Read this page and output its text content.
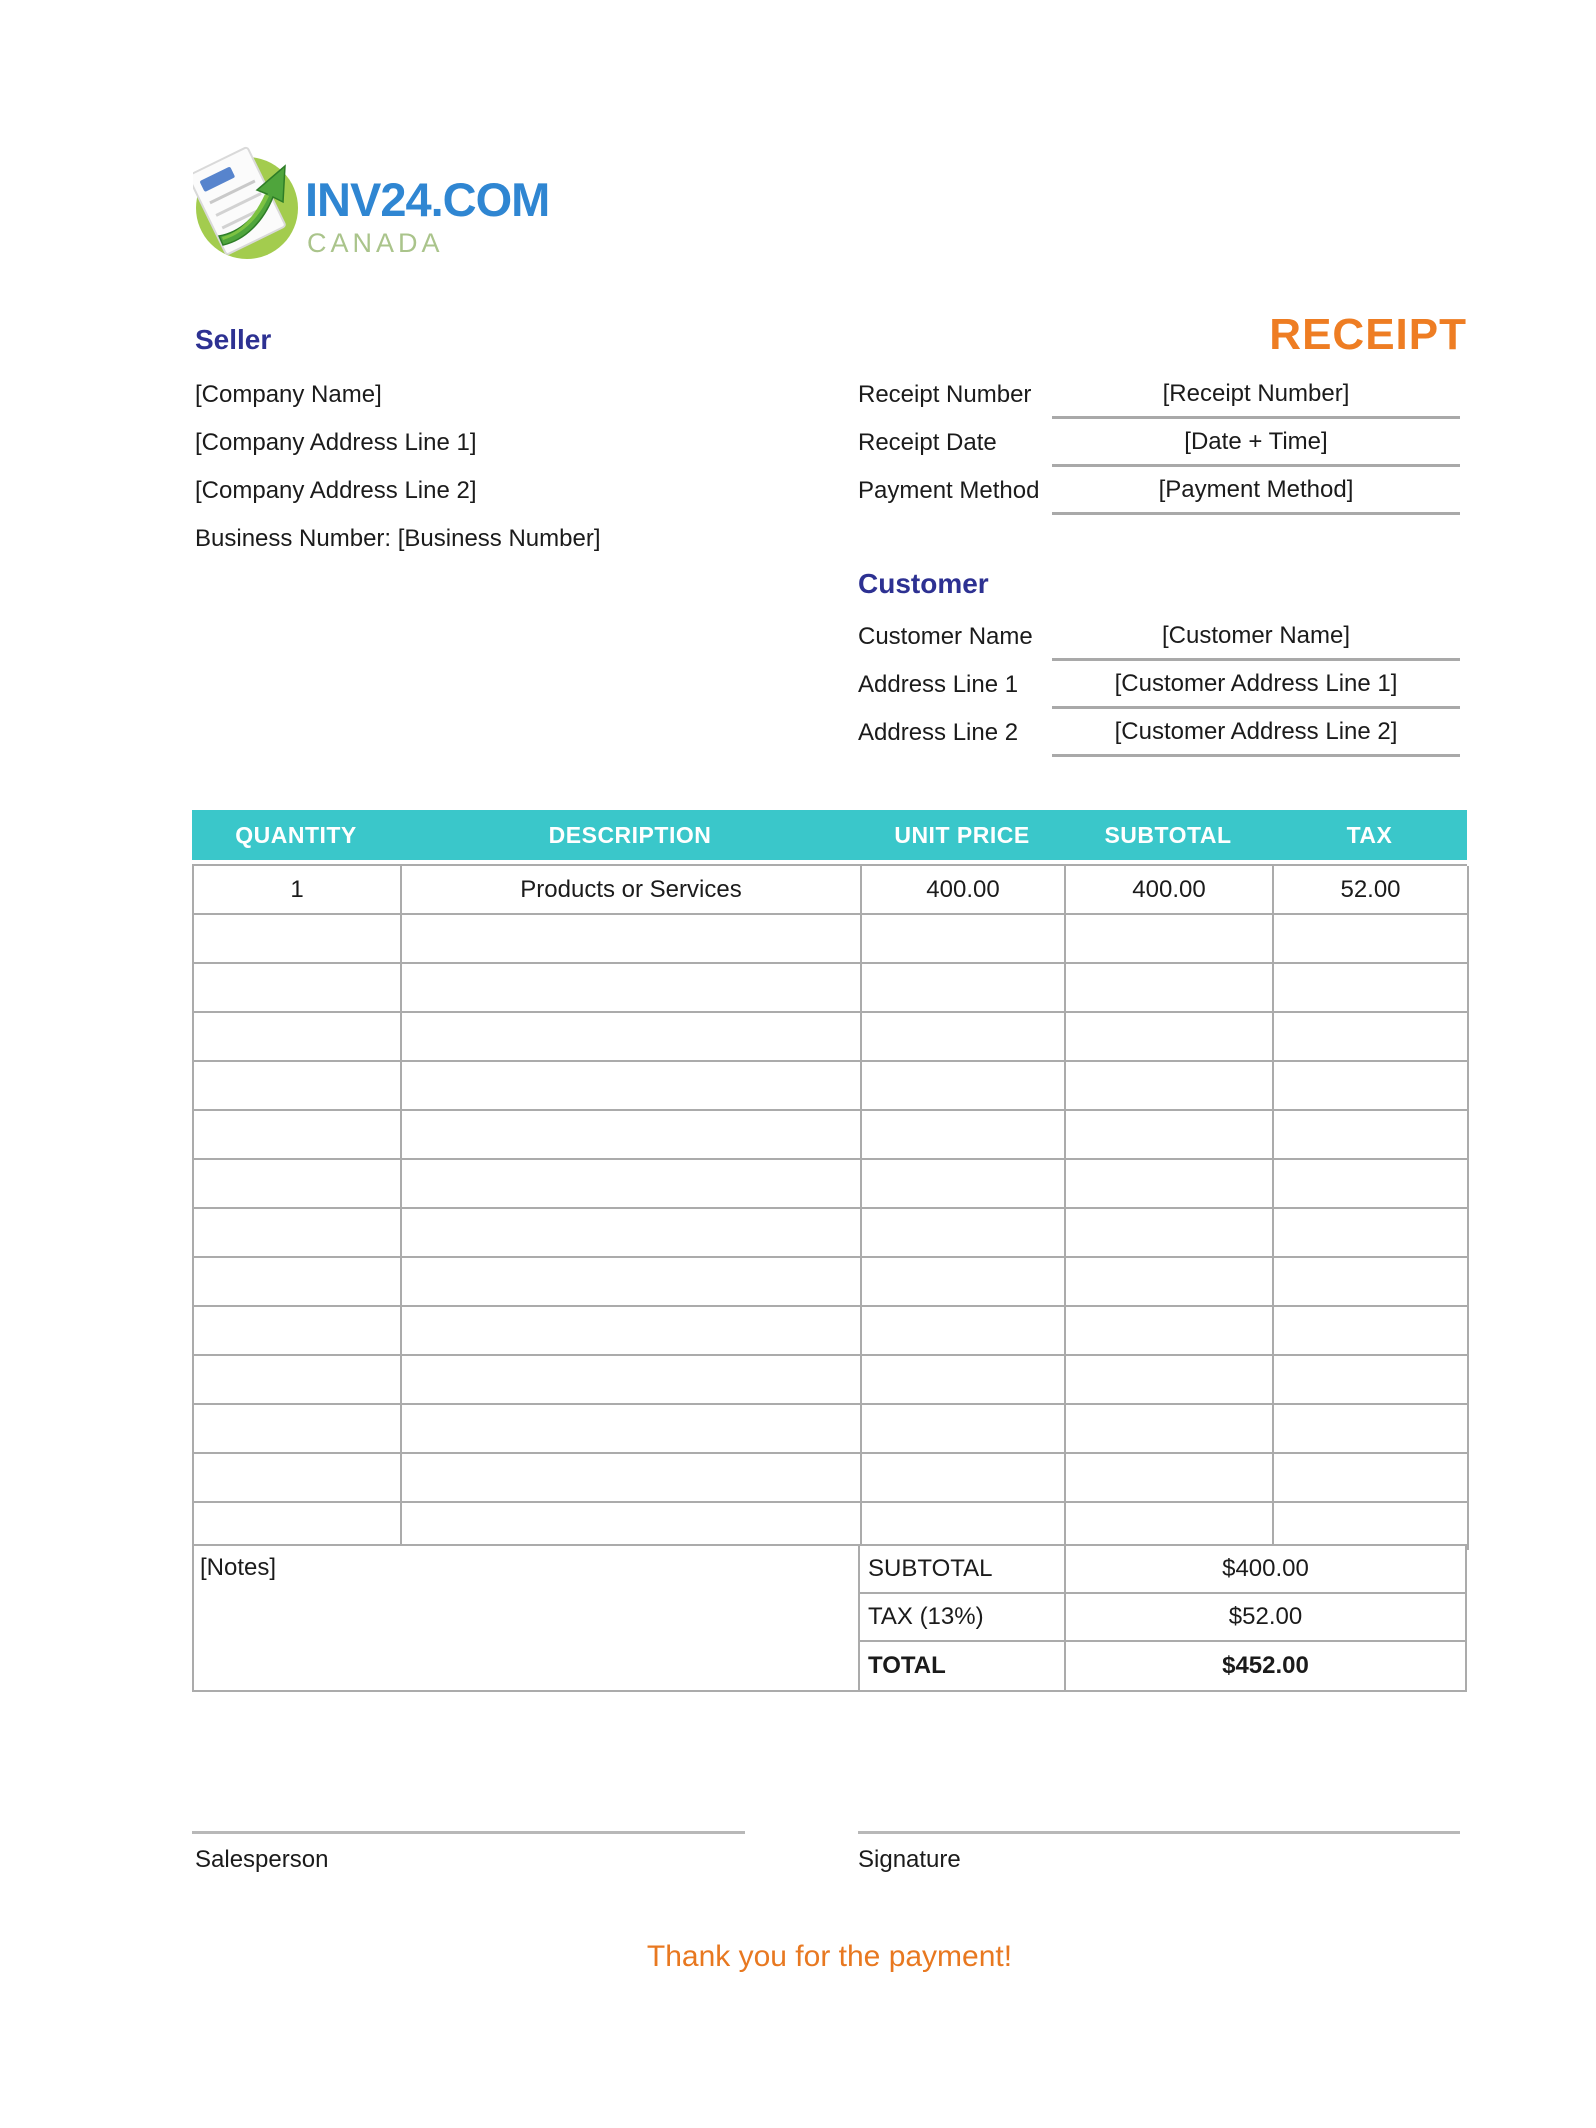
INV24.COM
CANADA
Seller	RECEIPT
Customer
[Company Name]
[Company Address Line 1]
[Company Address Line 2]
Business Number: [Business Number]
Receipt Number	[Receipt Number]
Receipt Date	[Date + Time]
Payment Method	[Payment Method]
Customer Name	[Customer Name]
Address Line 1	[Customer Address Line 1]
Address Line 2	[Customer Address Line 2]
QUANTITY	DESCRIPTION	UNIT PRICE	SUBTOTAL	TAX
1	Products or Services	400.00	400.00	52.00
[Notes]	SUBTOTAL	$400.00
TAX (13%)	$52.00
TOTAL	$452.00
Salesperson	Signature
Thank you for the payment!
